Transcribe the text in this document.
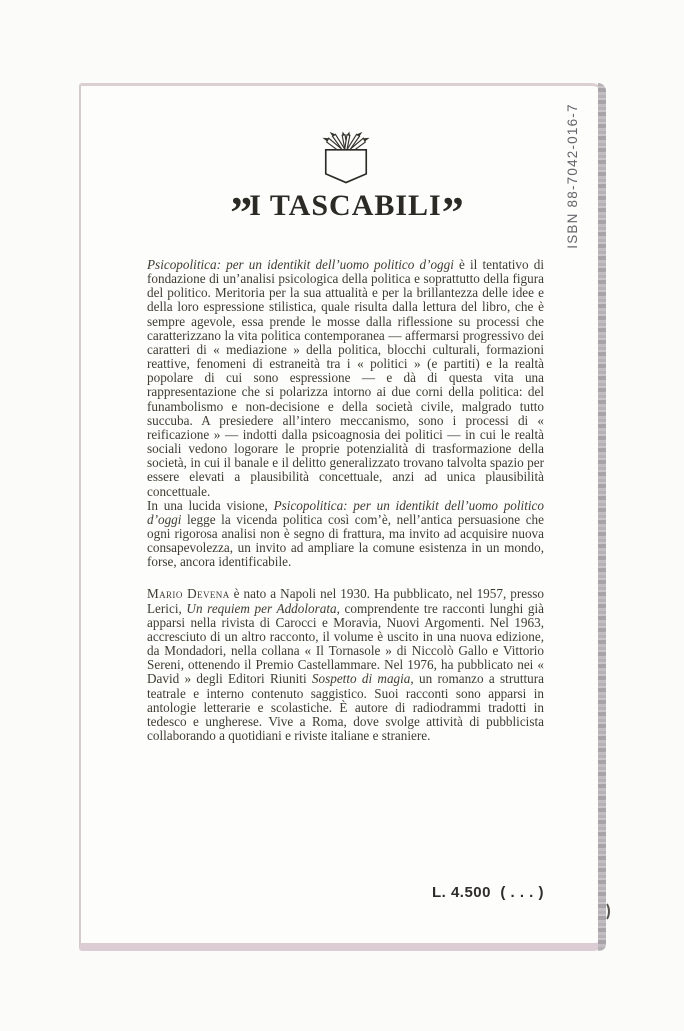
ISBN 88-7042-016-7
”I TASCABILI”

Psicopolitica: per un identikit dell’uomo politico d’oggi è il tentativo di fondazione di un’analisi psicologica della politica e soprattutto della figura del politico. Meritoria per la sua attualità e per la brillantezza delle idee e della loro espressione stilistica, quale risulta dalla lettura del libro, che è sempre agevole, essa prende le mosse dalla riflessione su processi che caratterizzano la vita politica contemporanea — affermarsi progressivo dei caratteri di « mediazione » della politica, blocchi culturali, formazioni reattive, fenomeni di estraneità tra i « politici » (e partiti) e la realtà popolare di cui sono espressione — e dà di questa vita una rappresentazione che si polarizza intorno ai due corni della politica: del funambolismo e non-decisione e della società civile, malgrado tutto succuba. A presiedere all’intero meccanismo, sono i processi di « reificazione » — indotti dalla psicoagnosia dei politici — in cui le realtà sociali vedono logorare le proprie potenzialità di trasformazione della società, in cui il banale e il delitto generalizzato trovano talvolta spazio per essere elevati a plausibilità concettuale, anzi ad unica plausibilità concettuale.

In una lucida visione, Psicopolitica: per un identikit dell’uomo politico d’oggi legge la vicenda politica così com’è, nell’antica persuasione che ogni rigorosa analisi non è segno di frattura, ma invito ad acquisire nuova consapevolezza, un invito ad ampliare la comune esistenza in un mondo, forse, ancora identificabile.

Mario Devena è nato a Napoli nel 1930. Ha pubblicato, nel 1957, presso Lerici, Un requiem per Addolorata, comprendente tre racconti lunghi già apparsi nella rivista di Carocci e Moravia, Nuovi Argomenti. Nel 1963, accresciuto di un altro racconto, il volume è uscito in una nuova edizione, da Mondadori, nella collana « Il Tornasole » di Niccolò Gallo e Vittorio Sereni, ottenendo il Premio Castellammare. Nel 1976, ha pubblicato nei « David » degli Editori Riuniti Sospetto di magia, un romanzo a struttura teatrale e interno contenuto saggistico. Suoi racconti sono apparsi in antologie letterarie e scolastiche. È autore di radiodrammi tradotti in tedesco e ungherese. Vive a Roma, dove svolge attività di pubblicista collaborando a quotidiani e riviste italiane e straniere.

L. 4.500  ( . . . )
